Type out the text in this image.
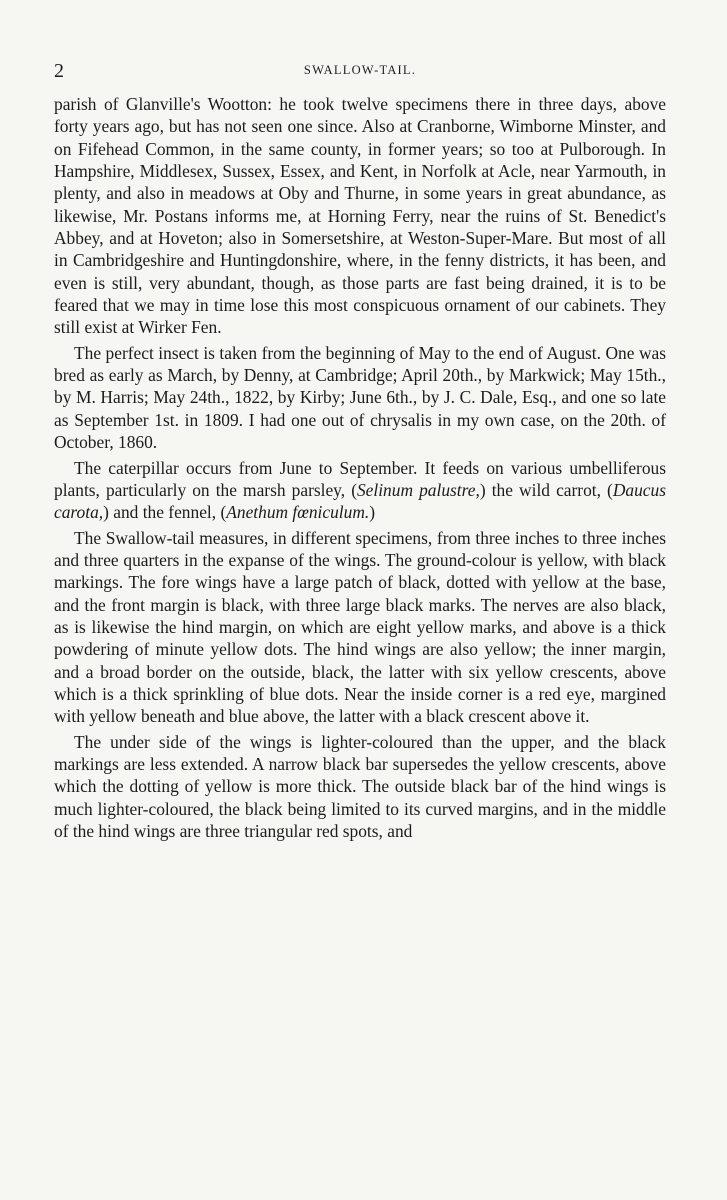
2	SWALLOW-TAIL.

parish of Glanville's Wootton: he took twelve specimens there in three days, above forty years ago, but has not seen one since. Also at Cranborne, Wimborne Minster, and on Fifehead Common, in the same county, in former years; so too at Pulborough. In Hampshire, Middlesex, Sussex, Essex, and Kent, in Norfolk at Acle, near Yarmouth, in plenty, and also in meadows at Oby and Thurne, in some years in great abundance, as likewise, Mr. Postans informs me, at Horning Ferry, near the ruins of St. Benedict's Abbey, and at Hoveton; also in Somersetshire, at Weston-Super-Mare. But most of all in Cambridgeshire and Huntingdonshire, where, in the fenny districts, it has been, and even is still, very abundant, though, as those parts are fast being drained, it is to be feared that we may in time lose this most conspicuous ornament of our cabinets. They still exist at Wirker Fen.

The perfect insect is taken from the beginning of May to the end of August. One was bred as early as March, by Denny, at Cambridge; April 20th., by Markwick; May 15th., by M. Harris; May 24th., 1822, by Kirby; June 6th., by J. C. Dale, Esq., and one so late as September 1st. in 1809. I had one out of chrysalis in my own case, on the 20th. of October, 1860.

The caterpillar occurs from June to September. It feeds on various umbelliferous plants, particularly on the marsh parsley, (Selinum palustre,) the wild carrot, (Daucus carota,) and the fennel, (Anethum fœniculum.)

The Swallow-tail measures, in different specimens, from three inches to three inches and three quarters in the expanse of the wings. The ground-colour is yellow, with black markings. The fore wings have a large patch of black, dotted with yellow at the base, and the front margin is black, with three large black marks. The nerves are also black, as is likewise the hind margin, on which are eight yellow marks, and above is a thick powdering of minute yellow dots. The hind wings are also yellow; the inner margin, and a broad border on the outside, black, the latter with six yellow crescents, above which is a thick sprinkling of blue dots. Near the inside corner is a red eye, margined with yellow beneath and blue above, the latter with a black crescent above it.

The under side of the wings is lighter-coloured than the upper, and the black markings are less extended. A narrow black bar supersedes the yellow crescents, above which the dotting of yellow is more thick. The outside black bar of the hind wings is much lighter-coloured, the black being limited to its curved margins, and in the middle of the hind wings are three triangular red spots, and
